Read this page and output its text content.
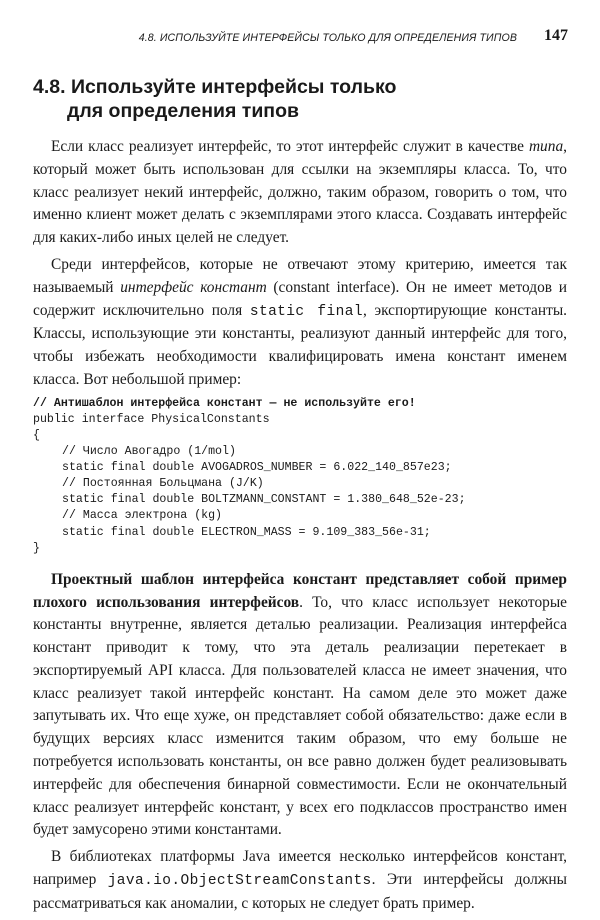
4.8. ИСПОЛЬЗУЙТЕ ИНТЕРФЕЙСЫ ТОЛЬКО ДЛЯ ОПРЕДЕЛЕНИЯ ТИПОВ 147
4.8. Используйте интерфейсы только
для определения типов

Если класс реализует интерфейс, то этот интерфейс служит в качестве типа, который может быть использован для ссылки на экземпляры класса. То, что класс реализует некий интерфейс, должно, таким образом, говорить о том, что именно клиент может делать с экземплярами этого класса. Создавать интерфейс для каких-либо иных целей не следует.

Среди интерфейсов, которые не отвечают этому критерию, имеется так называемый интерфейс констант (constant interface). Он не имеет методов и содержит исключительно поля static final, экспортирующие константы. Классы, использующие эти константы, реализуют данный интерфейс для того, чтобы избежать необходимости квалифицировать имена констант именем класса. Вот небольшой пример:

// Антишаблон интерфейса констант — не используйте его!
public interface PhysicalConstants
{
// Число Авогадро (1/mol)
static final double AVOGADROS_NUMBER = 6.022_140_857e23;
// Постоянная Больцмана (J/K)
static final double BOLTZMANN_CONSTANT = 1.380_648_52e-23;
// Масса электрона (kg)
static final double ELECTRON_MASS = 9.109_383_56e-31;
}

Проектный шаблон интерфейса констант представляет собой пример плохого использования интерфейсов. То, что класс использует некоторые константы внутренне, является деталью реализации. Реализация интерфейса констант приводит к тому, что эта деталь реализации перетекает в экспортируемый API класса. Для пользователей класса не имеет значения, что класс реализует такой интерфейс констант. На самом деле это может даже запутывать их. Что еще хуже, он представляет собой обязательство: даже если в будущих версиях класс изменится таким образом, что ему больше не потребуется использовать константы, он все равно должен будет реализовывать интерфейс для обеспечения бинарной совместимости. Если не окончательный класс реализует интерфейс констант, у всех его подклассов пространство имен будет замусорено этими константами.

В библиотеках платформы Java имеется несколько интерфейсов констант, например java.io.ObjectStreamConstants. Эти интерфейсы должны рассматриваться как аномалии, с которых не следует брать пример.
